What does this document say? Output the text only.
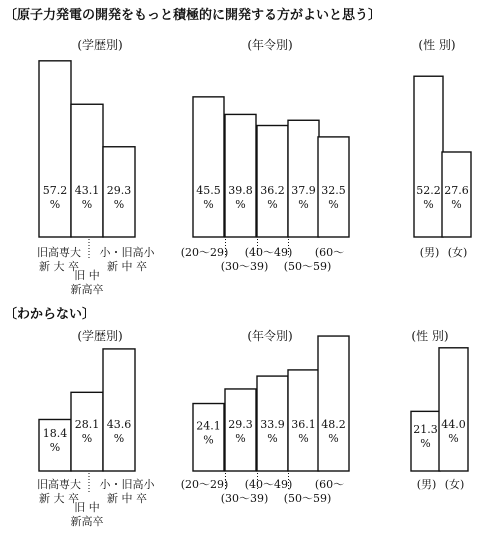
〔原子力発電の開発をもっと積極的に開発する方がよいと思う〕
〔わからない〕
(学歴別)
57.2
%
43.1
%
29.3
%
旧高専大
新 大 卒
旧 中
新高卒
小・旧高小
新 中 卒
(年令別)
45.5
%
39.8
%
36.2
%
37.9
%
32.5
%
(20〜29)
(30〜39)
(40〜49)
(50〜59)
(60〜
(性 別)
52.2
%
27.6
%
(男) (女)
(学歴別)
18.4
%
28.1
%
43.6
%
旧高専大
新 大 卒
旧 中
新高卒
小・旧高小
新 中 卒
(年令別)
24.1
%
29.3
%
33.9
%
36.1
%
48.2
%
(20〜29)
(30〜39)
(40〜49)
(50〜59)
(60〜
(性 別)
21.3
%
44.0
%
(男) (女)
